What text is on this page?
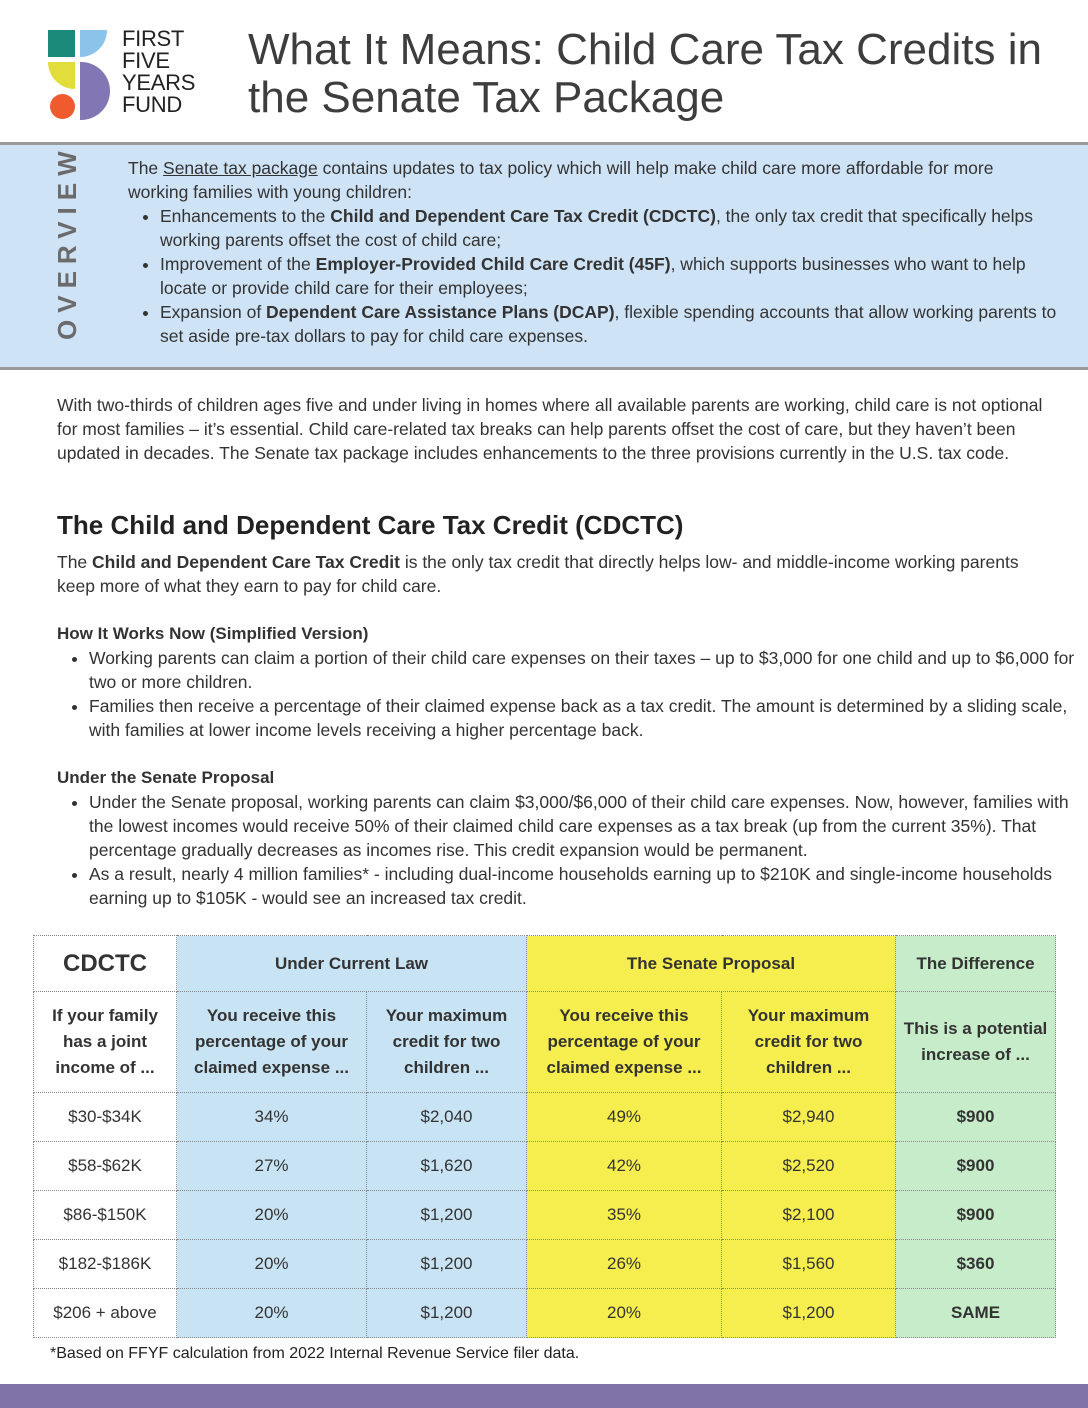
FIRST
FIVE
YEARS
FUND
What It Means: Child Care Tax Credits in the Senate Tax Package
OVERVIEW	The Senate tax package contains updates to tax policy which will help make child care more affordable for more working families with young children:

• Enhancements to the Child and Dependent Care Tax Credit (CDCTC), the only tax credit that specifically helps working parents offset the cost of child care;
• Improvement of the Employer-Provided Child Care Credit (45F), which supports businesses who want to help locate or provide child care for their employees;
• Expansion of Dependent Care Assistance Plans (DCAP), flexible spending accounts that allow working parents to set aside pre-tax dollars to pay for child care expenses.

With two-thirds of children ages five and under living in homes where all available parents are working, child care is not optional for most families – it’s essential. Child care-related tax breaks can help parents offset the cost of care, but they haven’t been updated in decades. The Senate tax package includes enhancements to the three provisions currently in the U.S. tax code.

The Child and Dependent Care Tax Credit (CDCTC)

The Child and Dependent Care Tax Credit is the only tax credit that directly helps low- and middle-income working parents keep more of what they earn to pay for child care.

How It Works Now (Simplified Version)
• Working parents can claim a portion of their child care expenses on their taxes – up to $3,000 for one child and up to $6,000 for two or more children.
• Families then receive a percentage of their claimed expense back as a tax credit. The amount is determined by a sliding scale, with families at lower income levels receiving a higher percentage back.
Under the Senate Proposal
• Under the Senate proposal, working parents can claim $3,000/$6,000 of their child care expenses. Now, however, families with the lowest incomes would receive 50% of their claimed child care expenses as a tax break (up from the current 35%). That percentage gradually decreases as incomes rise. This credit expansion would be permanent.
• As a result, nearly 4 million families* - including dual-income households earning up to $210K and single-income households earning up to $105K - would see an increased tax credit.
CDCTC	Under Current Law		The Senate Proposal		The Difference
If your family has a joint income of ...	You receive this percentage of your claimed expense ...	Your maximum credit for two children ...	You receive this percentage of your claimed expense ...	Your maximum credit for two children ...	This is a potential increase of ...
$30-$34K	34%	$2,040	49%	$2,940	$900
$58-$62K	27%	$1,620	42%	$2,520	$900
$86-$150K	20%	$1,200	35%	$2,100	$900
$182-$186K	20%	$1,200	26%	$1,560	$360
$206 + above	20%	$1,200	20%	$1,200	SAME

*Based on FFYF calculation from 2022 Internal Revenue Service filer data.
